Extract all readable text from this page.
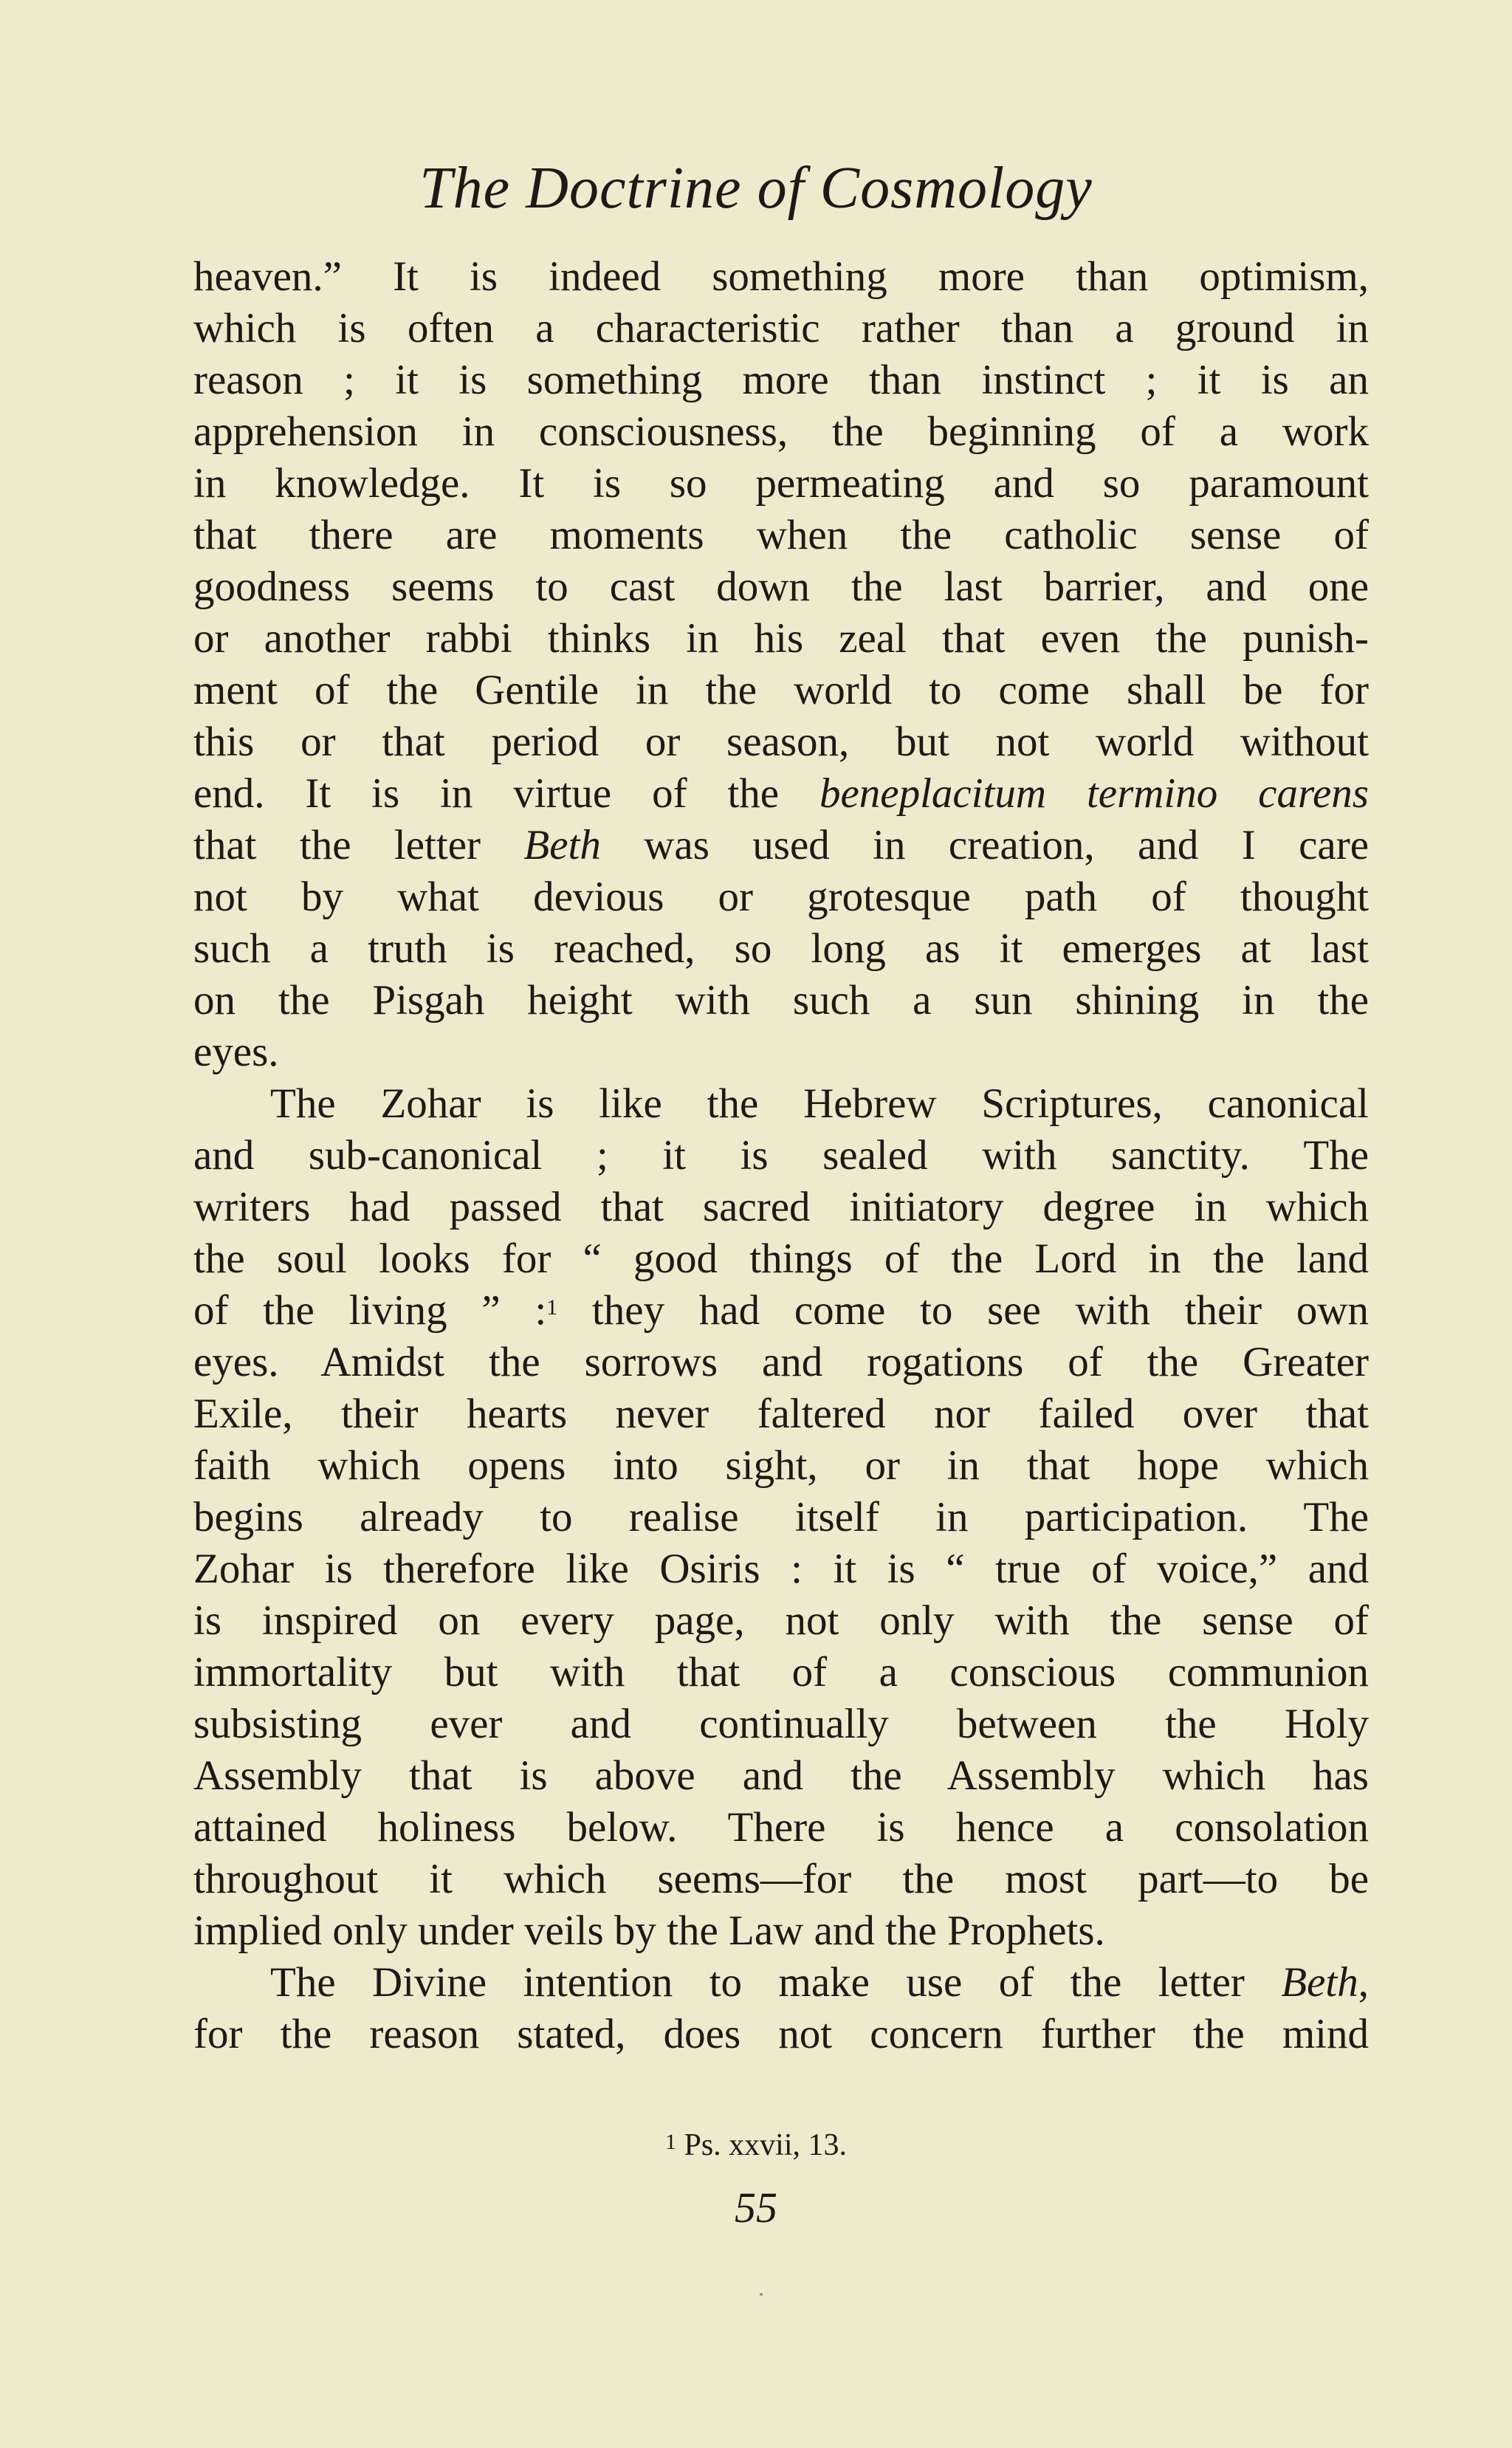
The Doctrine of Cosmology
heaven.” It is indeed something more than optimism,
which is often a characteristic rather than a ground in
reason ; it is something more than instinct ; it is an
apprehension in consciousness, the beginning of a work
in knowledge. It is so permeating and so paramount
that there are moments when the catholic sense of
goodness seems to cast down the last barrier, and one
or another rabbi thinks in his zeal that even the punish-
ment of the Gentile in the world to come shall be for
this or that period or season, but not world without
end. It is in virtue of the beneplacitum termino carens
that the letter Beth was used in creation, and I care
not by what devious or grotesque path of thought
such a truth is reached, so long as it emerges at last
on the Pisgah height with such a sun shining in the
eyes.
The Zohar is like the Hebrew Scriptures, canonical
and sub-canonical ; it is sealed with sanctity. The
writers had passed that sacred initiatory degree in which
the soul looks for “ good things of the Lord in the land
of the living ” :$^1$ they had come to see with their own
eyes. Amidst the sorrows and rogations of the Greater
Exile, their hearts never faltered nor failed over that
faith which opens into sight, or in that hope which
begins already to realise itself in participation. The
Zohar is therefore like Osiris : it is “ true of voice,” and
is inspired on every page, not only with the sense of
immortality but with that of a conscious communion
subsisting ever and continually between the Holy
Assembly that is above and the Assembly which has
attained holiness below. There is hence a consolation
throughout it which seems—for the most part—to be
implied only under veils by the Law and the Prophets.
The Divine intention to make use of the letter Beth,
for the reason stated, does not concern further the mind
$^1$ Ps. xxvii, 13.
55
